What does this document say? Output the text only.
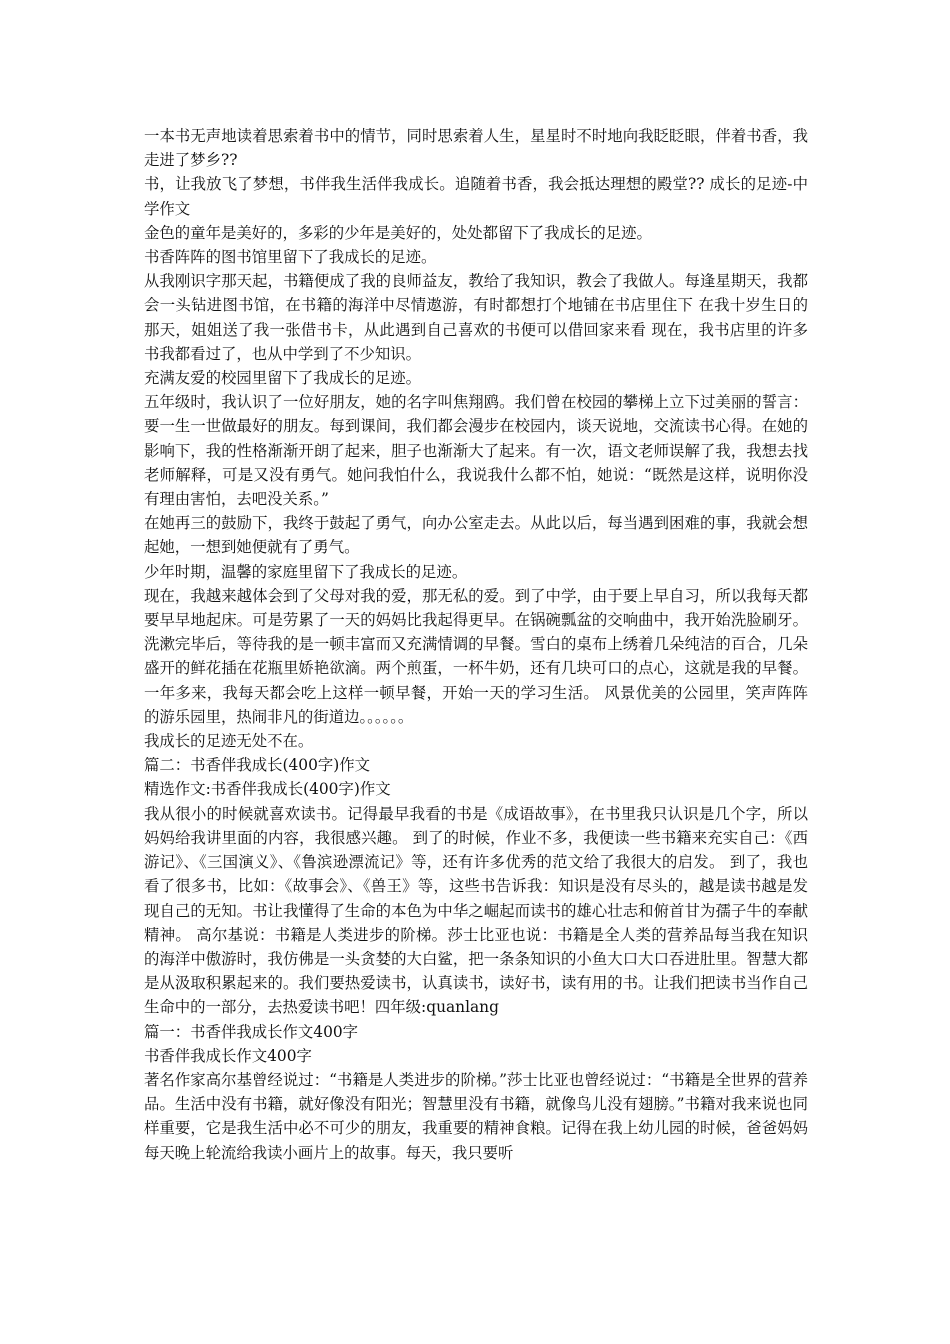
一本书无声地读着思索着书中的情节，同时思索着人生，星星时不时地向我眨眨眼，伴着书香，我走进了梦乡??

书，让我放飞了梦想，书伴我生活伴我成长。追随着书香，我会抵达理想的殿堂?? 成长的足迹-中学作文

金色的童年是美好的，多彩的少年是美好的，处处都留下了我成长的足迹。

书香阵阵的图书馆里留下了我成长的足迹。

从我刚识字那天起，书籍便成了我的良师益友，教给了我知识，教会了我做人。每逢星期天，我都会一头钻进图书馆，在书籍的海洋中尽情遨游，有时都想打个地铺在书店里住下 在我十岁生日的那天，姐姐送了我一张借书卡，从此遇到自己喜欢的书便可以借回家来看 现在，我书店里的许多书我都看过了，也从中学到了不少知识。

充满友爱的校园里留下了我成长的足迹。

五年级时，我认识了一位好朋友，她的名字叫焦翔鸥。我们曾在校园的攀梯上立下过美丽的誓言：要一生一世做最好的朋友。每到课间，我们都会漫步在校园内，谈天说地，交流读书心得。在她的影响下，我的性格渐渐开朗了起来，胆子也渐渐大了起来。有一次，语文老师误解了我，我想去找老师解释，可是又没有勇气。她问我怕什么，我说我什么都不怕，她说：“既然是这样，说明你没有理由害怕，去吧没关系。”

在她再三的鼓励下，我终于鼓起了勇气，向办公室走去。从此以后，每当遇到困难的事，我就会想起她，一想到她便就有了勇气。

少年时期，温馨的家庭里留下了我成长的足迹。

现在，我越来越体会到了父母对我的爱，那无私的爱。到了中学，由于要上早自习，所以我每天都要早早地起床。可是劳累了一天的妈妈比我起得更早。在锅碗瓢盆的交响曲中，我开始洗脸刷牙。洗漱完毕后，等待我的是一顿丰富而又充满情调的早餐。雪白的桌布上绣着几朵纯洁的百合，几朵盛开的鲜花插在花瓶里娇艳欲滴。两个煎蛋，一杯牛奶，还有几块可口的点心，这就是我的早餐。一年多来，我每天都会吃上这样一顿早餐，开始一天的学习生活。 风景优美的公园里，笑声阵阵的游乐园里，热闹非凡的街道边。。。。。。

我成长的足迹无处不在。

篇二：书香伴我成长(400字)作文

精选作文:书香伴我成长(400字)作文

我从很小的时候就喜欢读书。记得最早我看的书是《成语故事》，在书里我只认识是几个字，所以妈妈给我讲里面的内容，我很感兴趣。 到了的时候，作业不多，我便读一些书籍来充实自己：《西游记》、《三国演义》、《鲁滨逊漂流记》等，还有许多优秀的范文给了我很大的启发。 到了，我也看了很多书，比如：《故事会》、《兽王》等，这些书告诉我：知识是没有尽头的，越是读书越是发现自己的无知。书让我懂得了生命的本色为中华之崛起而读书的雄心壮志和俯首甘为孺子牛的奉献精神。 高尔基说：书籍是人类进步的阶梯。莎士比亚也说：书籍是全人类的营养品每当我在知识的海洋中傲游时，我仿佛是一头贪婪的大白鲨，把一条条知识的小鱼大口大口吞进肚里。智慧大都是从汲取积累起来的。我们要热爱读书，认真读书，读好书，读有用的书。让我们把读书当作自己生命中的一部分，去热爱读书吧！四年级:quanlang

篇一：书香伴我成长作文400字

书香伴我成长作文400字

著名作家高尔基曾经说过：“书籍是人类进步的阶梯。”莎士比亚也曾经说过：“书籍是全世界的营养品。生活中没有书籍，就好像没有阳光；智慧里没有书籍，就像鸟儿没有翅膀。”书籍对我来说也同样重要，它是我生活中必不可少的朋友，我重要的精神食粮。记得在我上幼儿园的时候，爸爸妈妈每天晚上轮流给我读小画片上的故事。每天，我只要听
